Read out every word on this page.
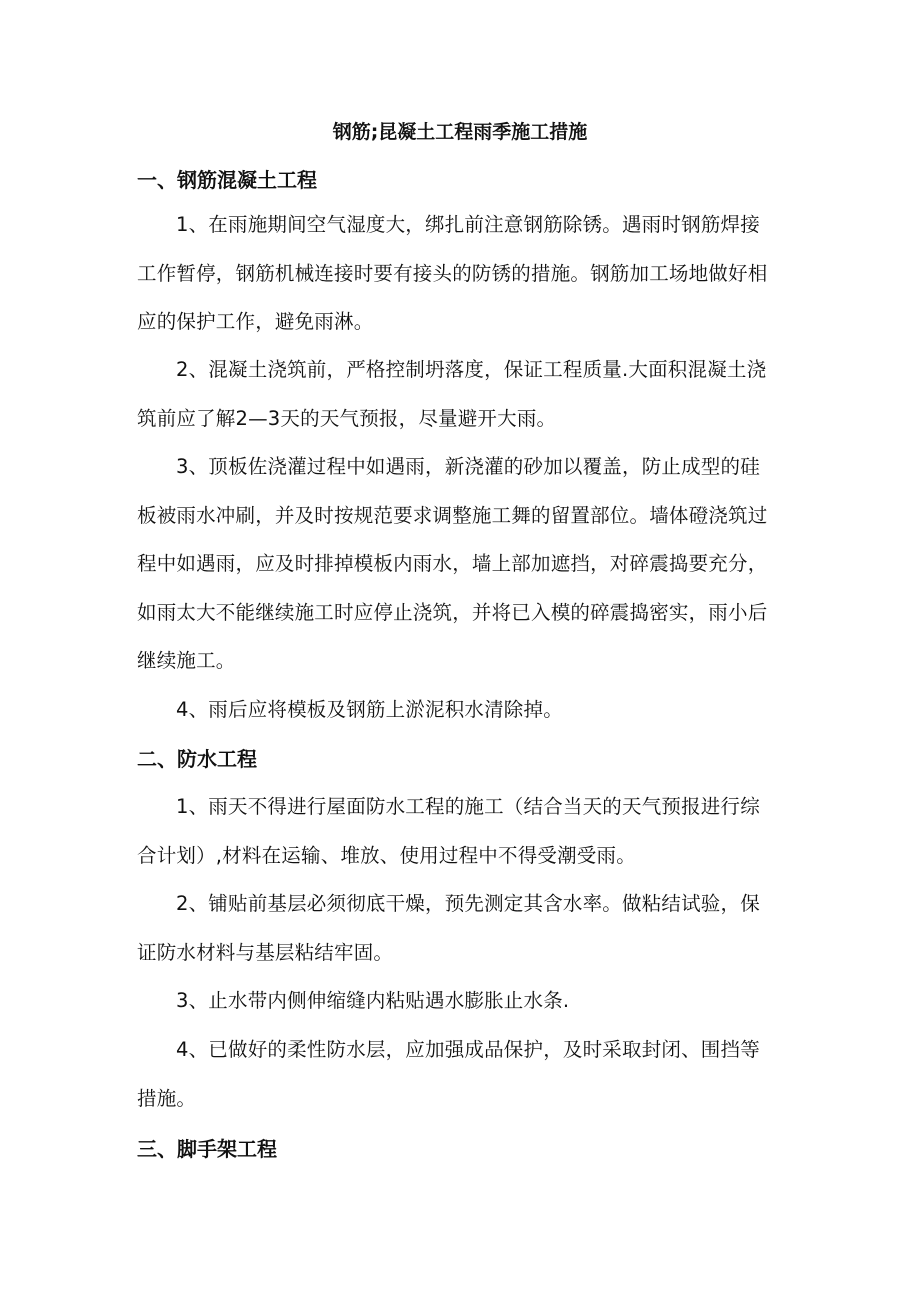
钢筋;昆凝土工程雨季施工措施
一、钢筋混凝土工程

1、在雨施期间空气湿度大，绑扎前注意钢筋除锈。遇雨时钢筋焊接工作暂停，钢筋机械连接时要有接头的防锈的措施。钢筋加工场地做好相应的保护工作，避免雨淋。

2、混凝土浇筑前，严格控制坍落度，保证工程质量.大面积混凝土浇筑前应了解2—3天的天气预报，尽量避开大雨。

3、顶板佐浇灌过程中如遇雨，新浇灌的砂加以覆盖，防止成型的硅板被雨水冲刷，并及时按规范要求调整施工舞的留置部位。墙体磴浇筑过程中如遇雨，应及时排掉模板内雨水，墙上部加遮挡，对碎震捣要充分，如雨太大不能继续施工时应停止浇筑，并将已入模的碎震捣密实，雨小后继续施工。

4、雨后应将模板及钢筋上淤泥积水清除掉。

二、防水工程

1、雨天不得进行屋面防水工程的施工（结合当天的天气预报进行综合计划）,材料在运输、堆放、使用过程中不得受潮受雨。

2、铺贴前基层必须彻底干燥，预先测定其含水率。做粘结试验，保证防水材料与基层粘结牢固。

3、止水带内侧伸缩缝内粘贴遇水膨胀止水条.

4、已做好的柔性防水层，应加强成品保护，及时采取封闭、围挡等措施。

三、脚手架工程
